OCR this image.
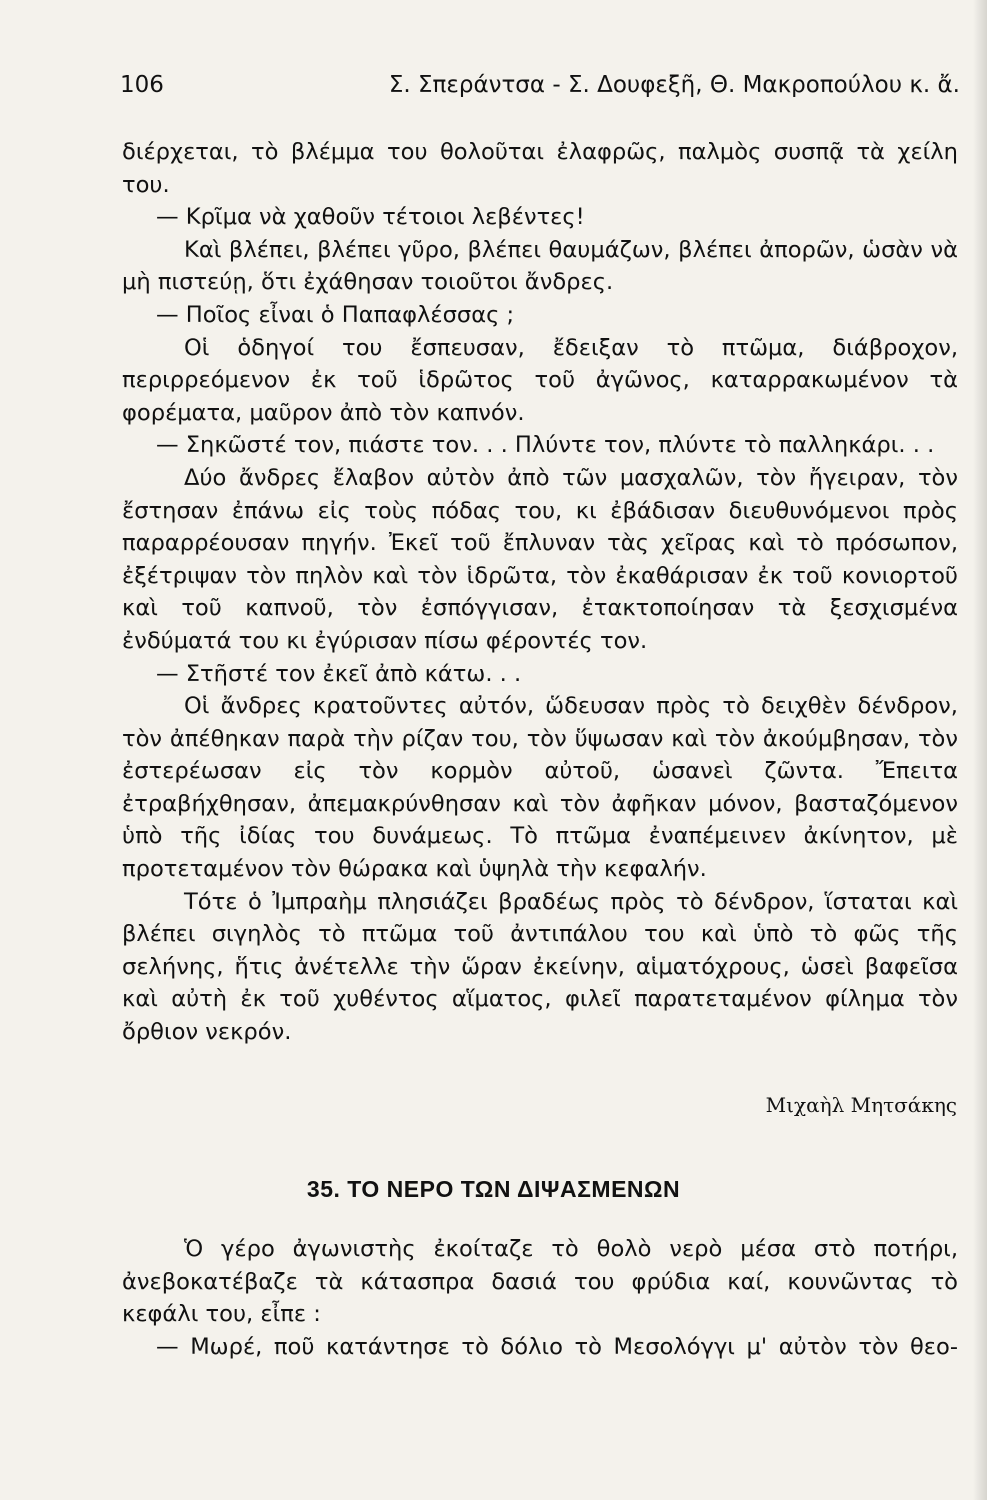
106	Σ. Σπεράντσα - Σ. Δουφεξῆ, Θ. Μακροπούλου κ. ἄ.

διέρχεται, τὸ βλέμμα του θολοῦται ἐλαφρῶς, παλμὸς συσπᾷ τὰ χείλη του.

— Κρῖμα νὰ χαθοῦν τέτοιοι λεβέντες!

Καὶ βλέπει, βλέπει γῦρο, βλέπει θαυμάζων, βλέπει ἀπορῶν, ὡσὰν νὰ μὴ πιστεύῃ, ὅτι ἐχάθησαν τοιοῦτοι ἄνδρες.

— Ποῖος εἶναι ὁ Παπαφλέσσας ;

Οἱ ὁδηγοί του ἔσπευσαν, ἔδειξαν τὸ πτῶμα, διάβροχον, περιρρεόμενον ἐκ τοῦ ἱδρῶτος τοῦ ἀγῶνος, καταρρακωμένον τὰ φορέματα, μαῦρον ἀπὸ τὸν καπνόν.

— Σηκῶστέ τον, πιάστε τον. . . Πλύντε τον, πλύντε τὸ παλληκάρι. . .

Δύο ἄνδρες ἔλαβον αὐτὸν ἀπὸ τῶν μασχαλῶν, τὸν ἤγειραν, τὸν ἔστησαν ἐπάνω εἰς τοὺς πόδας του, κι ἐβάδισαν διευθυνόμενοι πρὸς παραρρέουσαν πηγήν. Ἐκεῖ τοῦ ἔπλυναν τὰς χεῖρας καὶ τὸ πρόσωπον, ἐξέτριψαν τὸν πηλὸν καὶ τὸν ἱδρῶτα, τὸν ἐκαθάρισαν ἐκ τοῦ κονιορτοῦ καὶ τοῦ καπνοῦ, τὸν ἐσπόγγισαν, ἐτακτοποίησαν τὰ ξεσχισμένα ἐνδύματά του κι ἐγύρισαν πίσω φέροντές τον.

— Στῆστέ τον ἐκεῖ ἀπὸ κάτω. . .

Οἱ ἄνδρες κρατοῦντες αὐτόν, ὥδευσαν πρὸς τὸ δειχθὲν δένδρον, τὸν ἀπέθηκαν παρὰ τὴν ρίζαν του, τὸν ὕψωσαν καὶ τὸν ἀκούμβησαν, τὸν ἐστερέωσαν εἰς τὸν κορμὸν αὐτοῦ, ὡσανεὶ ζῶντα. Ἔπειτα ἐτραβήχθησαν, ἀπεμακρύνθησαν καὶ τὸν ἀφῆκαν μόνον, βασταζόμενον ὑπὸ τῆς ἰδίας του δυνάμεως. Τὸ πτῶμα ἐναπέμεινεν ἀκίνητον, μὲ προτεταμένον τὸν θώρακα καὶ ὑψηλὰ τὴν κεφαλήν.

Τότε ὁ Ἰμπραὴμ πλησιάζει βραδέως πρὸς τὸ δένδρον, ἵσταται καὶ βλέπει σιγηλὸς τὸ πτῶμα τοῦ ἀντιπάλου του καὶ ὑπὸ τὸ φῶς τῆς σελήνης, ἥτις ἀνέτελλε τὴν ὥραν ἐκείνην, αἱματόχρους, ὡσεὶ βαφεῖσα καὶ αὐτὴ ἐκ τοῦ χυθέντος αἵματος, φιλεῖ παρατεταμένον φίλημα τὸν ὄρθιον νεκρόν.

Μιχαὴλ Μητσάκης
35. ΤΟ ΝΕΡΟ ΤΩΝ ΔΙΨΑΣΜΕΝΩΝ

Ὁ γέρο ἀγωνιστὴς ἐκοίταζε τὸ θολὸ νερὸ μέσα στὸ ποτήρι, ἀνεβοκατέβαζε τὰ κάτασπρα δασιά του φρύδια καί, κουνῶντας τὸ κεφάλι του, εἶπε :

— Μωρέ, ποῦ κατάντησε τὸ δόλιο τὸ Μεσολόγγι μ' αὐτὸν τὸν θεο-
